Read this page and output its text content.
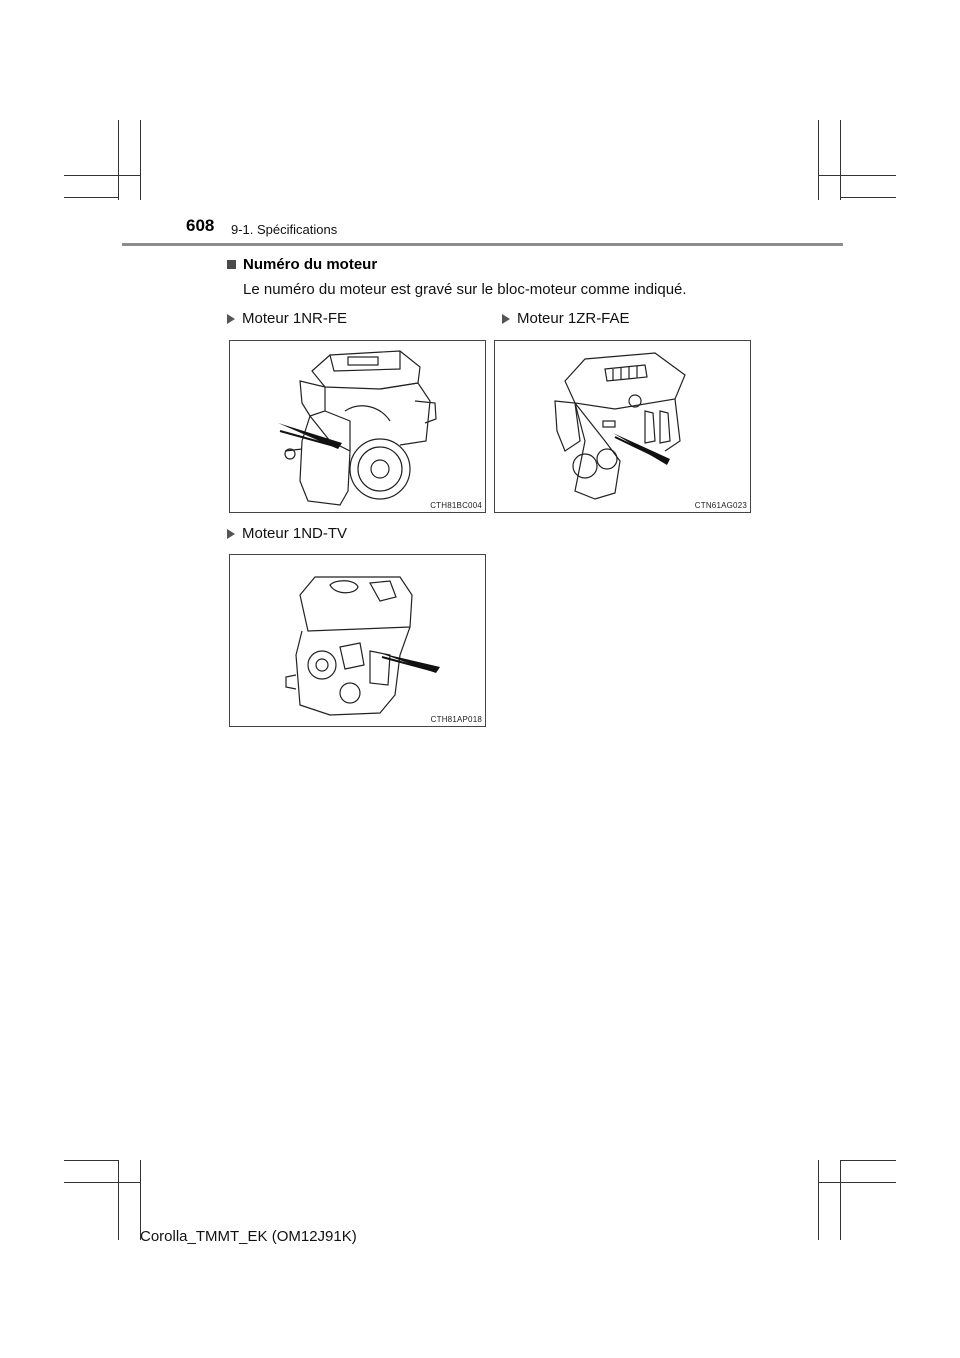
608 9-1. Spécifications
Numéro du moteur
Le numéro du moteur est gravé sur le bloc-moteur comme indiqué.
Moteur 1NR-FE	Moteur 1ZR-FAE
Moteur 1ND-TV
CTH81BC004	CTN61AG023
CTH81AP018
Corolla_TMMT_EK (OM12J91K)
